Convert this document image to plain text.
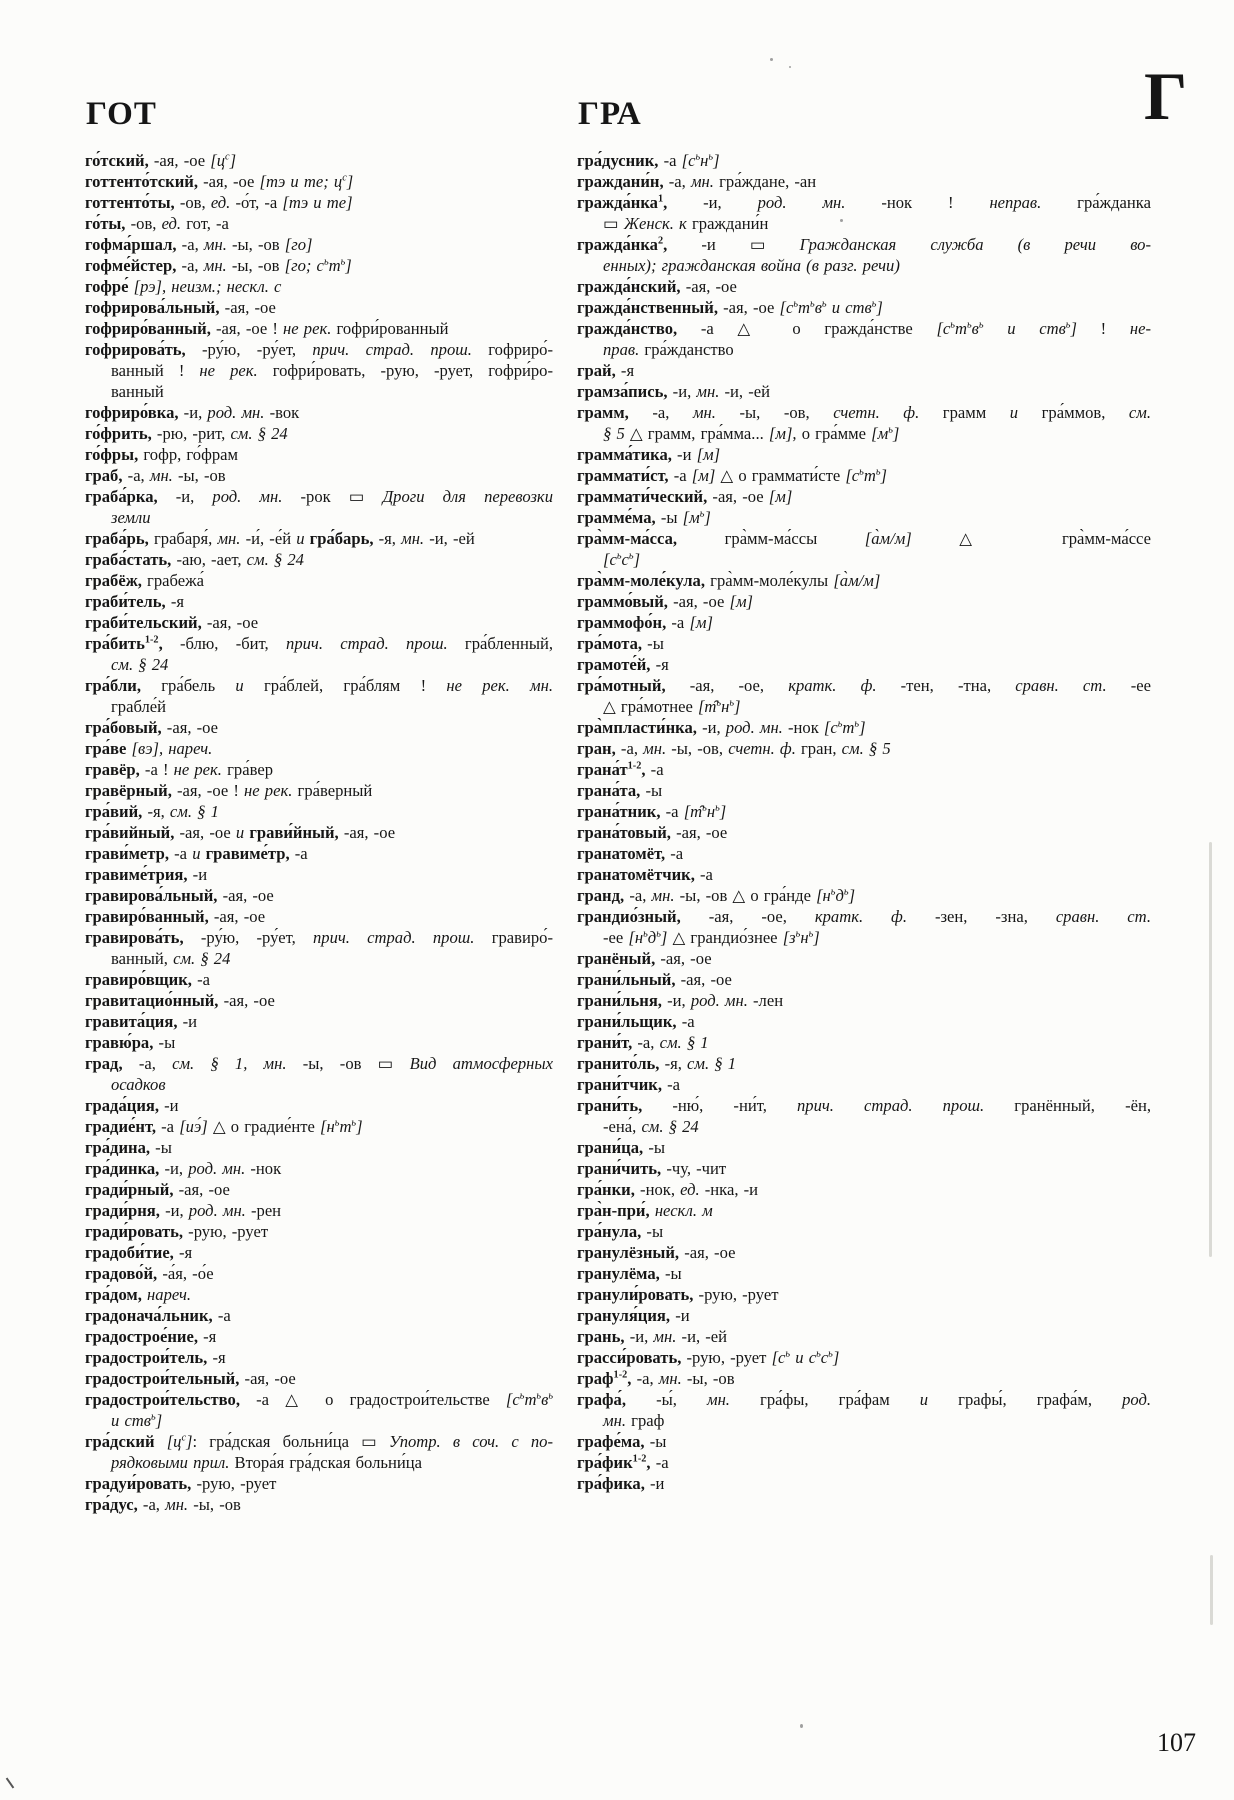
ГОТ	ГРА	Г
го́тский, -ая, -ое $[ц^с]$
готтенто́тский, -ая, -ое [тэ и те; $ц^с$]
готтенто́ты, -ов, ед. -о́т, -а [тэ и те]
го́ты, -ов, ед. гот, -а
гофма́ршал, -а, мн. -ы, -ов [го]
гофме́йстер, -а, мн. -ы, -ов [го; $с^ьт^ь$]
гофре́ [рэ], неизм.; нескл. с
гофрирова́льный, -ая, -ое
гофриро́ванный, -ая, -ое ! не рек. гофри́рованный
гофрирова́ть, -ру́ю, -ру́ет, прич. страд. прош. гофриро́-
ванный ! не рек. гофри́ровать, -рую, -рует, гофри́ро-
ванный
гофриро́вка, -и, род. мн. -вок
го́фрить, -рю, -рит, см. § 24
го́фры, гофр, го́фрам
граб, -а, мн. -ы, -ов
граба́рка, -и, род. мн. -рок ▭ Дроги для перевозки
земли
граба́рь, грабаря́, мн. -и́, -е́й и гра́барь, -я, мн. -и, -ей
граба́стать, -аю, -ает, см. § 24
грабёж, грабежа́
граби́тель, -я
граби́тельский, -ая, -ое
гра́бить$^{1-2}$, -блю, -бит, прич. страд. прош. гра́бленный,
см. § 24
гра́бли, гра́бель и гра́блей, гра́блям ! не рек. мн.
грабле́й
гра́бовый, -ая, -ое
гра́ве [вэ], нареч.
гравёр, -а ! не рек. гра́вер
гравёрный, -ая, -ое ! не рек. гра́верный
гра́вий, -я, см. § 1
гра́вийный, -ая, -ое и грави́йный, -ая, -ое
грави́метр, -а и гравиме́тр, -а
гравиме́трия, -и
гравирова́льный, -ая, -ое
гравиро́ванный, -ая, -ое
гравирова́ть, -ру́ю, -ру́ет, прич. страд. прош. гравиро́-
ванный, см. § 24
гравиро́вщик, -а
гравитацио́нный, -ая, -ое
гравита́ция, -и
гравю́ра, -ы
град, -а, см. § 1, мн. -ы, -ов ▭ Вид атмосферных
осадков
града́ция, -и
градие́нт, -а [иэ́] △ о градие́нте $[н^ьт^ь]$
гра́дина, -ы
гра́динка, -и, род. мн. -нок
гради́рный, -ая, -ое
гради́рня, -и, род. мн. -рен
гради́ровать, -рую, -рует
градоби́тие, -я
градово́й, -а́я, -о́е
гра́дом, нареч.
градонача́льник, -а
градострое́ние, -я
градострои́тель, -я
градострои́тельный, -ая, -ое
градострои́тельство, -а △ о градострои́тельстве [$с^ьт^ьв^ь$
и ств$^ь$]
гра́дский $[ц^с]$: гра́дская больни́ца ▭ Употр. в соч. с по-
рядковыми прил. Втора́я гра́дская больни́ца
градуи́ровать, -рую, -рует
гра́дус, -а, мн. -ы, -ов
гра́дусник, -а $[с^ьн^ь]$
граждани́н, -а, мн. гра́ждане, -ан
гражда́нка$^1$, -и, род. мн. -нок ! неправ. гра́жданка
▭ Женск. к граждани́н
гражда́нка$^2$, -и ▭ Гражданская служба (в речи во-
енных); гражданская война (в разг. речи)
гражда́нский, -ая, -ое
гражда́нственный, -ая, -ое [$с^ьт^ьв^ь$ и ств$^ь$]
гражда́нство, -а △ о гражда́нстве [$с^ьт^ьв^ь$ и ств$^ь$] ! не-
прав. гра́жданство
грай, -я
грамза́пись, -и, мн. -и, -ей
грамм, -а, мн. -ы, -ов, счетн. ф. грамм и гра́ммов, см.
§ 5 △ грамм, гра́мма... [м], о гра́мме $[м^ь]$
грамма́тика, -и [м]
граммати́ст, -а [м] △ о граммати́сте $[с^ьт^ь]$
граммати́ческий, -ая, -ое [м]
грамме́ма, -ы $[м^ь]$
гра̀мм-ма́сса, гра̀мм-ма́ссы [а̀м/м] △ гра̀мм-ма́ссе
$[с^ьс^ь]$
гра̀мм-моле́кула, гра̀мм-моле́кулы [а̀м/м]
граммо́вый, -ая, -ое [м]
граммофо́н, -а [м]
гра́мота, -ы
грамоте́й, -я
гра́мотный, -ая, -ое, кратк. ф. -тен, -тна, сравн. ст. -ее
△ гра́мотнее $[т̑^ьн^ь]$
гра̀мпласти́нка, -и, род. мн. -нок $[с^ьт^ь]$
гран, -а, мн. -ы, -ов, счетн. ф. гран, см. § 5
$грана́т^{1-2}$, -а
грана́та, -ы
грана́тник, -а $[т̑^ьн^ь]$
грана́товый, -ая, -ое
гранатомёт, -а
гранатомётчик, -а
гранд, -а, мн. -ы, -ов △ о гра́нде $[н^ьд^ь]$
грандио́зный, -ая, -ое, кратк. ф. -зен, -зна, сравн. ст.
-ее $[н^ьд^ь]$ △ грандио́знее $[з^ьн^ь]$
гранёный, -ая, -ое
грани́льный, -ая, -ое
грани́льня, -и, род. мн. -лен
грани́льщик, -а
грани́т, -а, см. § 1
гранито́ль, -я, см. § 1
грани́тчик, -а
грани́ть, -ню́, -ни́т, прич. страд. прош. гранённый, -ён,
-ена́, см. § 24
грани́ца, -ы
грани́чить, -чу, -чит
гра́нки, -нок, ед. -нка, -и
гра̀н-при́, нескл. м
гра́нула, -ы
гранулёзный, -ая, -ое
гранулёма, -ы
гранули́ровать, -рую, -рует
грануля́ция, -и
грань, -и, мн. -и, -ей
грасси́ровать, -рую, -рует [$с^ь$ и $с^ьс^ь$]
граф$^{1-2}$, -а, мн. -ы, -ов
графа́, -ы́, мн. гра́фы, гра́фам и графы́, графа́м, род.
мн. граф
графе́ма, -ы
гра́фик$^{1-2}$, -а
гра́фика, -и
107
